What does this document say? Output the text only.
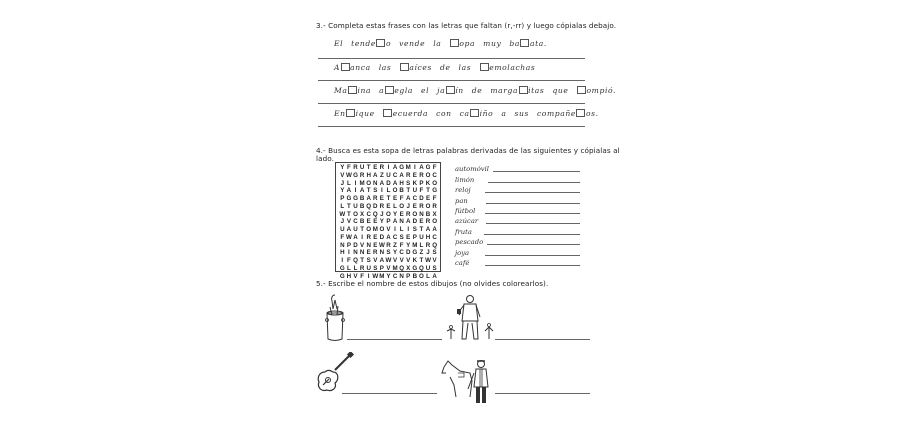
3.- Completa estas frases con las letras que faltan (r,-rr) y luego cópialas debajo.
El tende o vende la opa muy ba ata.
A anca las aíces de las emolachas
Ma ina a egla el ja ín de marga itas que ompió.
En ique ecuerda con ca iño a sus compañe os.
4.- Busca es esta sopa de letras palabras derivadas de las siguientes y cópialas al
lado.
Y F R U T E R I A G M I A G F
V W G R H A Z U C A R E R O C
J L I M O N A D A H S K P K O
Y A I A T S I L O B T U F T G
P G G B A R E T E F A C D E F
L T U B Q D R E L O J E R O R
W T O X C Q J O Y E R O N B X
J V C B E E Y P A N A D E R O
U A U T O M O V I L I S T A A
F W A I R E D A C S E P U H C
N P D V N E W R Z F Y M L R Q
H I N N E R N S Y C D G Z J S
I F Q T S V A W V V V K T W V
G L L R U S P V M Q X G Q U S
G H V F I W M Y C N P B O L A
automóvil
limón
reloj
pan
fútbol
azúcar
fruta
pescado
joya
café
5.- Escribe el nombre de estos dibujos (no olvides colorearlos).
